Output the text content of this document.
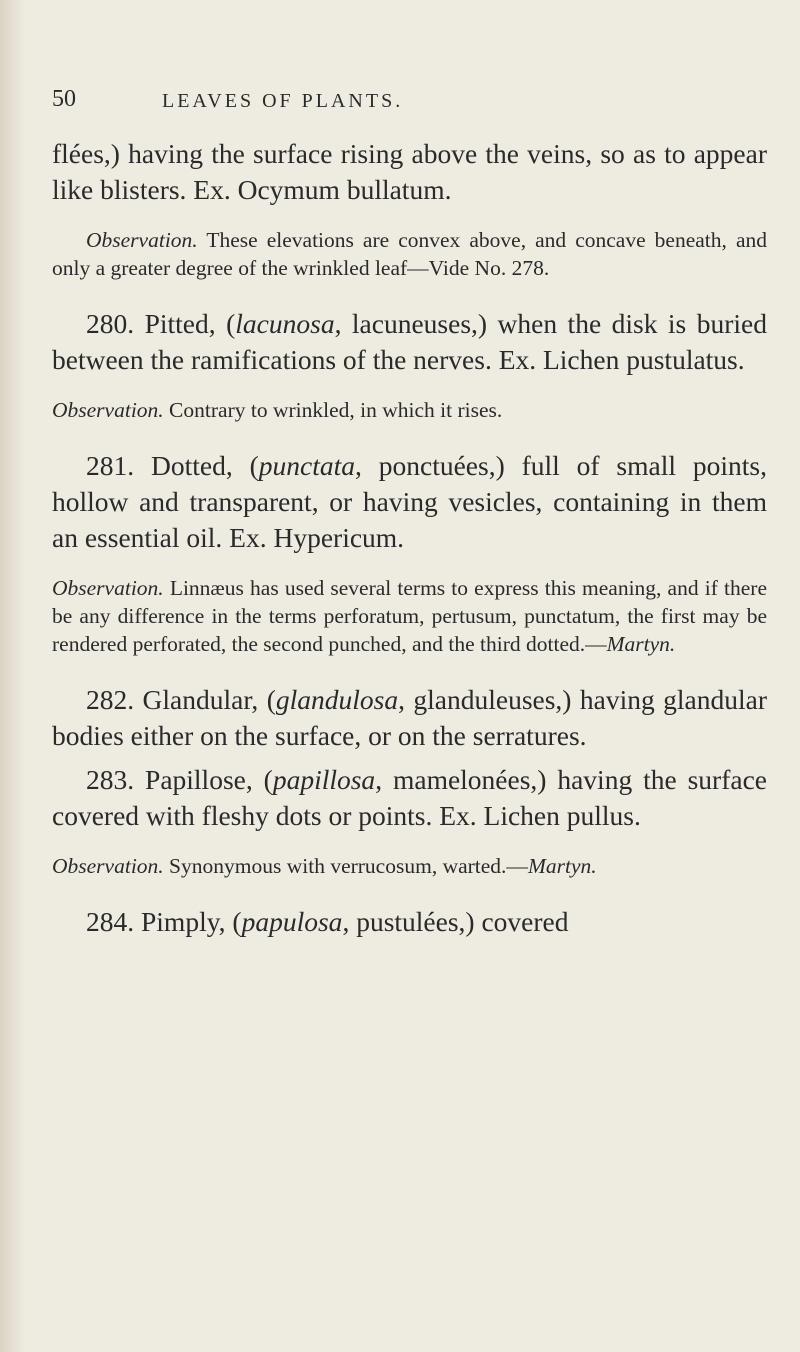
50	LEAVES OF PLANTS.

flées,) having the surface rising above the veins, so as to appear like blisters. Ex. Ocymum bullatum.

Observation. These elevations are convex above, and concave beneath, and only a greater degree of the wrinkled leaf—Vide No. 278.

280. Pitted, (lacunosa, lacuneuses,) when the disk is buried between the ramifications of the nerves. Ex. Lichen pustulatus.

Observation. Contrary to wrinkled, in which it rises.

281. Dotted, (punctata, ponctuées,) full of small points, hollow and transparent, or having vesicles, containing in them an essential oil. Ex. Hypericum.

Observation. Linnæus has used several terms to express this meaning, and if there be any difference in the terms perforatum, pertusum, punctatum, the first may be rendered perforated, the second punched, and the third dotted.—Martyn.

282. Glandular, (glandulosa, glanduleuses,) having glandular bodies either on the surface, or on the serratures.

283. Papillose, (papillosa, mamelonées,) having the surface covered with fleshy dots or points. Ex. Lichen pullus.

Observation. Synonymous with verrucosum, warted.—Martyn.

284. Pimply, (papulosa, pustulées,) covered
